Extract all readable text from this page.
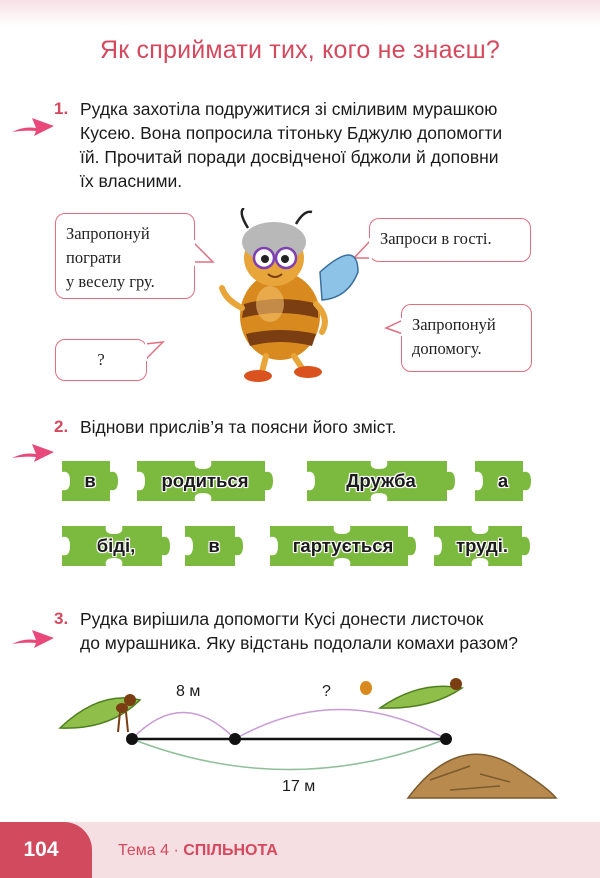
Як сприймати тих, кого не знаєш?
1. Рудка захотіла подружитися зі сміливим мурашкою
Кусею. Вона попросила тітоньку Бджулю допомогти
їй. Прочитай поради досвідченої бджоли й доповни
їх власними.
Запропонуй
пограти
у веселу гру.
?
Запроси в гості.
Запропонуй
допомогу.
2. Віднови прислів’я та поясни його зміст.
в	родиться	Дружба	а
біді,	в	гартується	труді.
3. Рудка вирішила допомогти Кусі донести листочок
до мурашника. Яку відстань подолали комахи разом?
8 м	?
17 м
104	Тема 4 · СПІЛЬНОТА
